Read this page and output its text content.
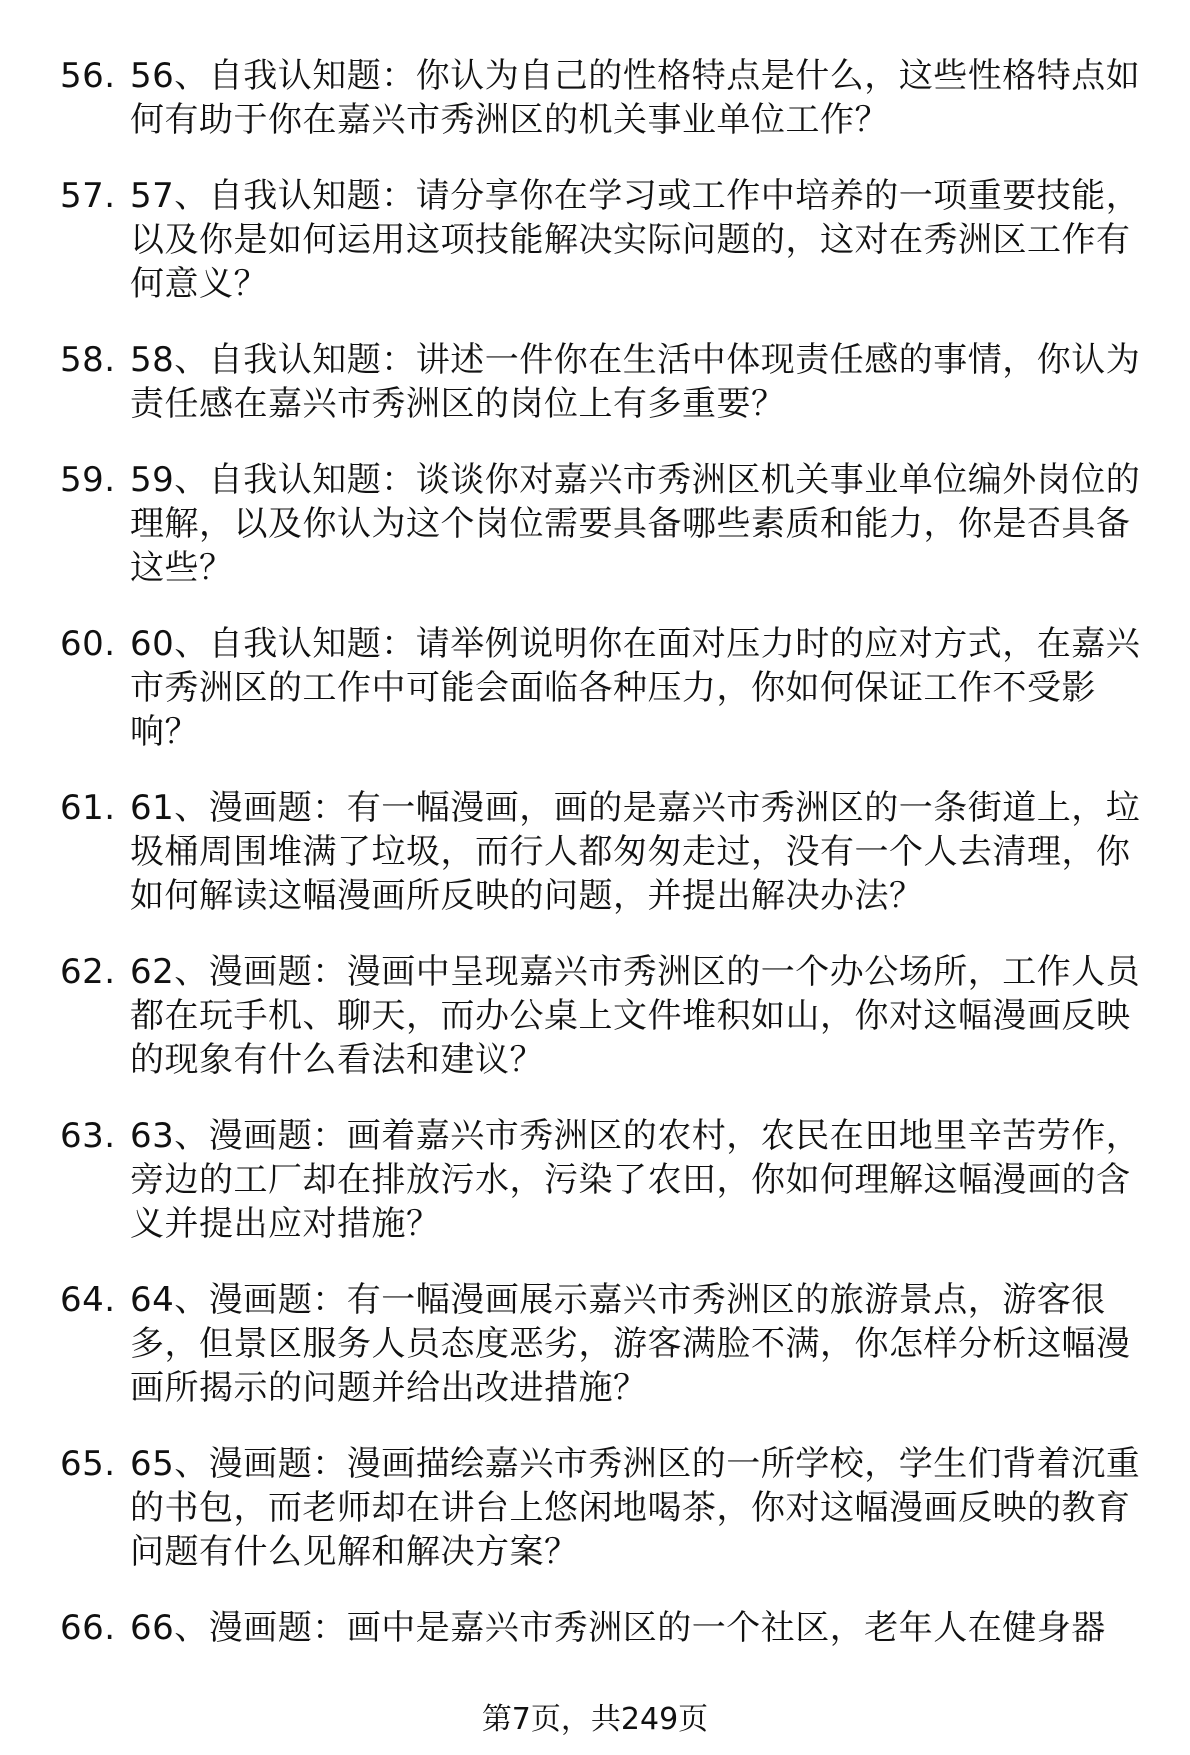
56. 56、自我认知题：你认为自己的性格特点是什么，这些性格特点如何有助于你在嘉兴市秀洲区的机关事业单位工作？
57. 57、自我认知题：请分享你在学习或工作中培养的一项重要技能，以及你是如何运用这项技能解决实际问题的，这对在秀洲区工作有何意义？
58. 58、自我认知题：讲述一件你在生活中体现责任感的事情，你认为责任感在嘉兴市秀洲区的岗位上有多重要？
59. 59、自我认知题：谈谈你对嘉兴市秀洲区机关事业单位编外岗位的理解，以及你认为这个岗位需要具备哪些素质和能力，你是否具备这些？
60. 60、自我认知题：请举例说明你在面对压力时的应对方式，在嘉兴市秀洲区的工作中可能会面临各种压力，你如何保证工作不受影响？
61. 61、漫画题：有一幅漫画，画的是嘉兴市秀洲区的一条街道上，垃圾桶周围堆满了垃圾，而行人都匆匆走过，没有一个人去清理，你如何解读这幅漫画所反映的问题，并提出解决办法？
62. 62、漫画题：漫画中呈现嘉兴市秀洲区的一个办公场所，工作人员都在玩手机、聊天，而办公桌上文件堆积如山，你对这幅漫画反映的现象有什么看法和建议？
63. 63、漫画题：画着嘉兴市秀洲区的农村，农民在田地里辛苦劳作，旁边的工厂却在排放污水，污染了农田，你如何理解这幅漫画的含义并提出应对措施？
64. 64、漫画题：有一幅漫画展示嘉兴市秀洲区的旅游景点，游客很多，但景区服务人员态度恶劣，游客满脸不满，你怎样分析这幅漫画所揭示的问题并给出改进措施？
65. 65、漫画题：漫画描绘嘉兴市秀洲区的一所学校，学生们背着沉重的书包，而老师却在讲台上悠闲地喝茶，你对这幅漫画反映的教育问题有什么见解和解决方案？
66. 66、漫画题：画中是嘉兴市秀洲区的一个社区，老年人在健身器
第7页，共249页
